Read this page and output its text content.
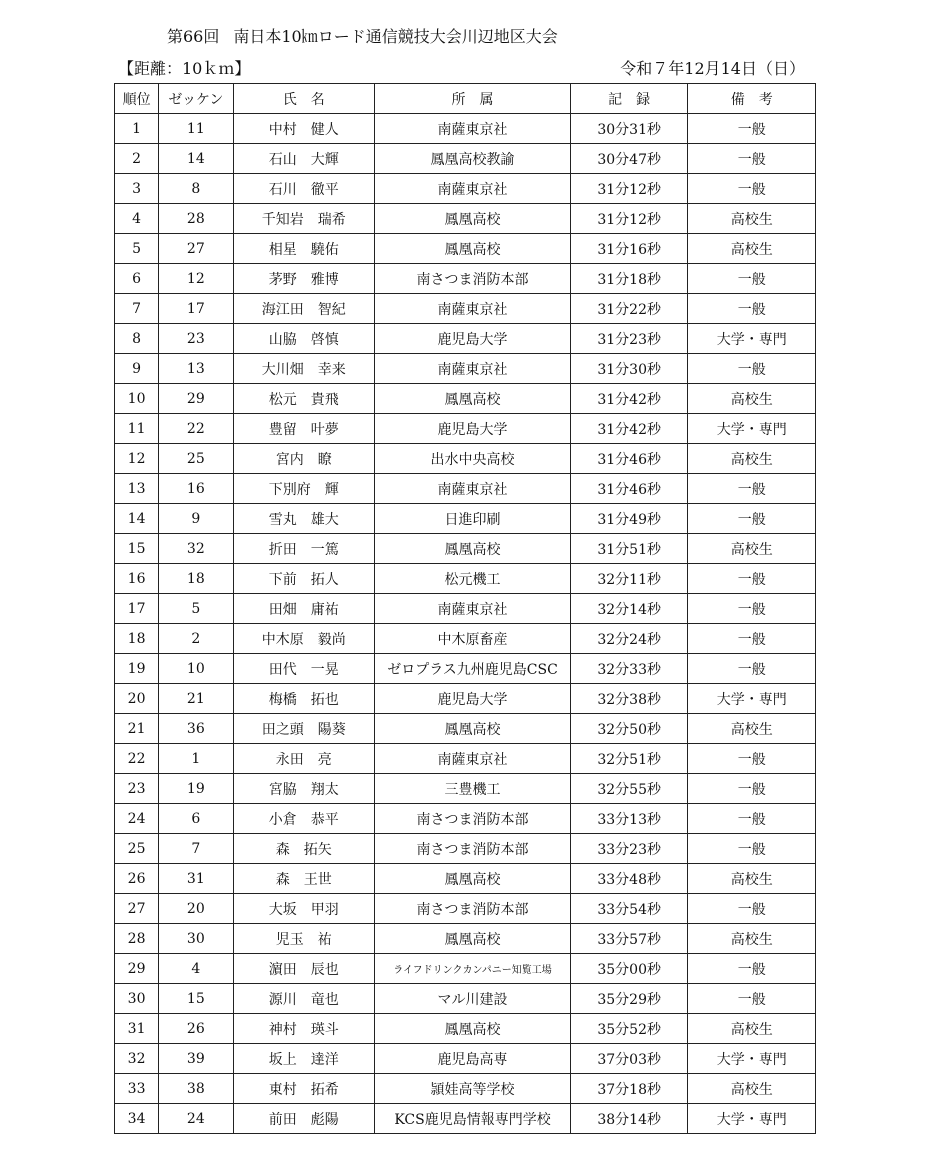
第66回 南日本10㎞ロード通信競技大会川辺地区大会
【距離：10ｋｍ】	令和７年12月14日（日）
順位	ゼッケン	氏　名	所　属	記　録	備　考
1	11	中村 健人	南薩東京社	30分31秒	一般
2	14	石山 大輝	鳳凰高校教諭	30分47秒	一般
3	8	石川 徹平	南薩東京社	31分12秒	一般
4	28	千知岩 瑞希	鳳凰高校	31分12秒	高校生
5	27	相星 驍佑	鳳凰高校	31分16秒	高校生
6	12	茅野 雅博	南さつま消防本部	31分18秒	一般
7	17	海江田 智紀	南薩東京社	31分22秒	一般
8	23	山脇 啓慎	鹿児島大学	31分23秒	大学・専門
9	13	大川畑 幸来	南薩東京社	31分30秒	一般
10	29	松元 貴飛	鳳凰高校	31分42秒	高校生
11	22	豊留 叶夢	鹿児島大学	31分42秒	大学・専門
12	25	宮内 瞭	出水中央高校	31分46秒	高校生
13	16	下別府 輝	南薩東京社	31分46秒	一般
14	9	雪丸 雄大	日進印刷	31分49秒	一般
15	32	折田 一篤	鳳凰高校	31分51秒	高校生
16	18	下前 拓人	松元機工	32分11秒	一般
17	5	田畑 庸祐	南薩東京社	32分14秒	一般
18	2	中木原 毅尚	中木原畜産	32分24秒	一般
19	10	田代 一晃	ゼロプラス九州鹿児島CSC	32分33秒	一般
20	21	梅橋 拓也	鹿児島大学	32分38秒	大学・専門
21	36	田之頭 陽葵	鳳凰高校	32分50秒	高校生
22	1	永田 亮	南薩東京社	32分51秒	一般
23	19	宮脇 翔太	三豊機工	32分55秒	一般
24	6	小倉 恭平	南さつま消防本部	33分13秒	一般
25	7	森 拓矢	南さつま消防本部	33分23秒	一般
26	31	森 王世	鳳凰高校	33分48秒	高校生
27	20	大坂 甲羽	南さつま消防本部	33分54秒	一般
28	30	児玉 祐	鳳凰高校	33分57秒	高校生
29	4	濵田 辰也	ライフドリンクカンパニー知覧工場	35分00秒	一般
30	15	源川 竜也	マル川建設	35分29秒	一般
31	26	神村 瑛斗	鳳凰高校	35分52秒	高校生
32	39	坂上 達洋	鹿児島高専	37分03秒	大学・専門
33	38	東村 拓希	頴娃高等学校	37分18秒	高校生
34	24	前田 彪陽	KCS鹿児島情報専門学校	38分14秒	大学・専門
